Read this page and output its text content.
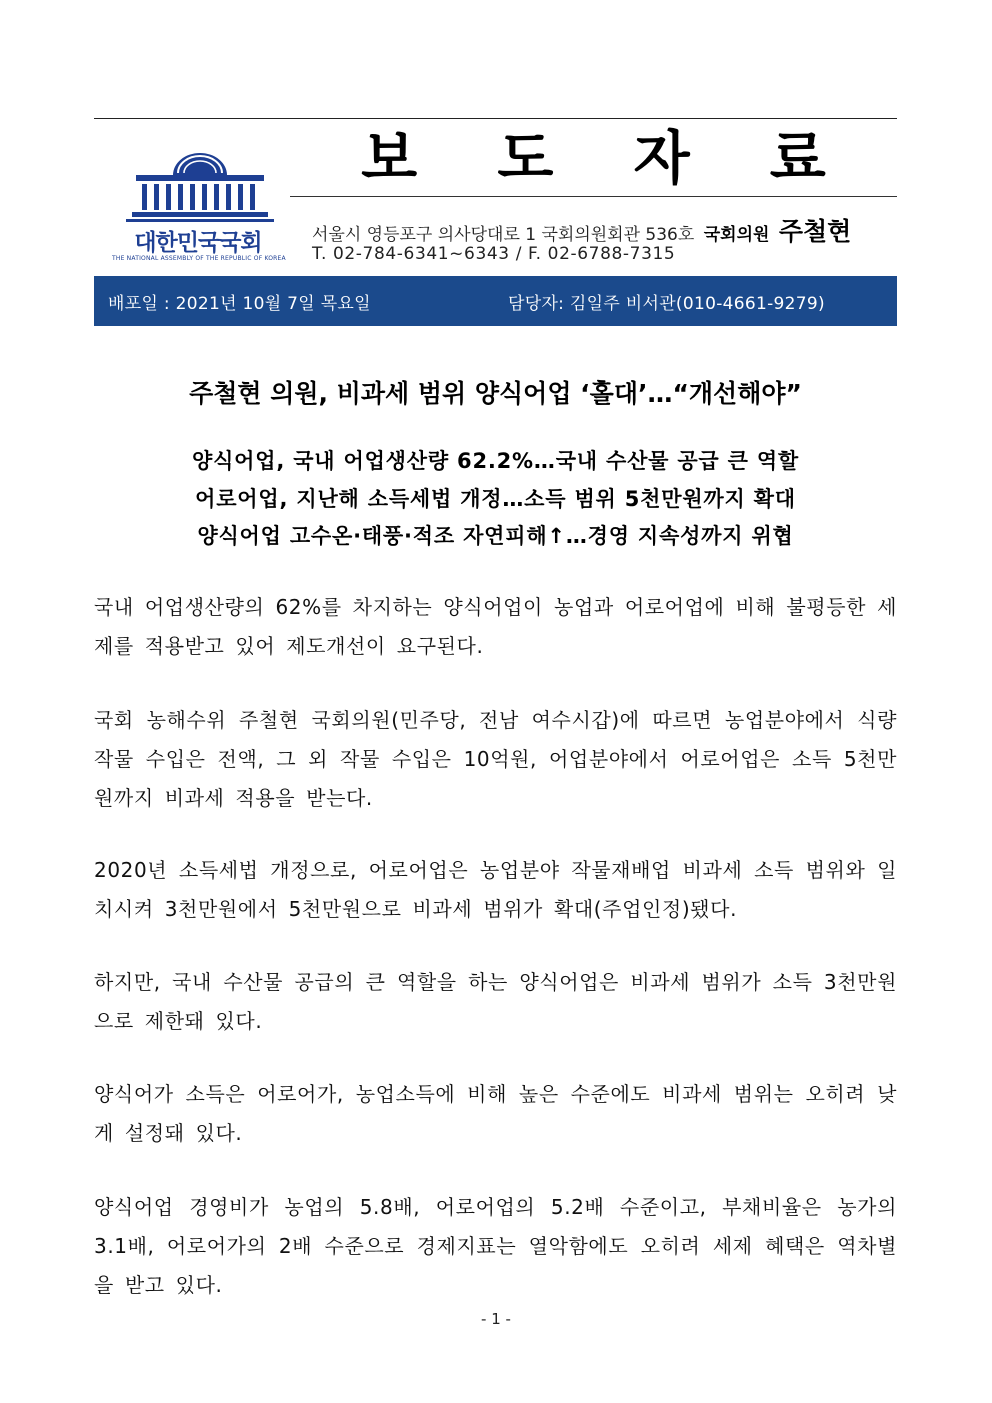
대한민국국회
THE NATIONAL ASSEMBLY OF THE REPUBLIC OF KOREA
보 도 자 료
서울시 영등포구 의사당대로 1 국회의원회관 536호 국회의원 주철현
T. 02-784-6341~6343 / F. 02-6788-7315
배포일 : 2021년 10월 7일 목요일	담당자: 김일주 비서관(010-4661-9279)
주철현 의원, 비과세 범위 양식어업 ‘홀대’…“개선해야”
양식어업, 국내 어업생산량 62.2%…국내 수산물 공급 큰 역할
어로어업, 지난해 소득세법 개정…소득 범위 5천만원까지 확대
양식어업 고수온·태풍·적조 자연피해↑…경영 지속성까지 위협
국내 어업생산량의 62%를 차지하는 양식어업이 농업과 어로어업에 비해 불평등한 세제를 적용받고 있어 제도개선이 요구된다.
국회 농해수위 주철현 국회의원(민주당, 전남 여수시갑)에 따르면 농업분야에서 식량작물 수입은 전액, 그 외 작물 수입은 10억원, 어업분야에서 어로어업은 소득 5천만원까지 비과세 적용을 받는다.
2020년 소득세법 개정으로, 어로어업은 농업분야 작물재배업 비과세 소득 범위와 일치시켜 3천만원에서 5천만원으로 비과세 범위가 확대(주업인정)됐다.
하지만, 국내 수산물 공급의 큰 역할을 하는 양식어업은 비과세 범위가 소득 3천만원으로 제한돼 있다.
양식어가 소득은 어로어가, 농업소득에 비해 높은 수준에도 비과세 범위는 오히려 낮게 설정돼 있다.
양식어업 경영비가 농업의 5.8배, 어로어업의 5.2배 수준이고, 부채비율은 농가의 3.1배, 어로어가의 2배 수준으로 경제지표는 열악함에도 오히려 세제 혜택은 역차별을 받고 있다.
- 1 -
